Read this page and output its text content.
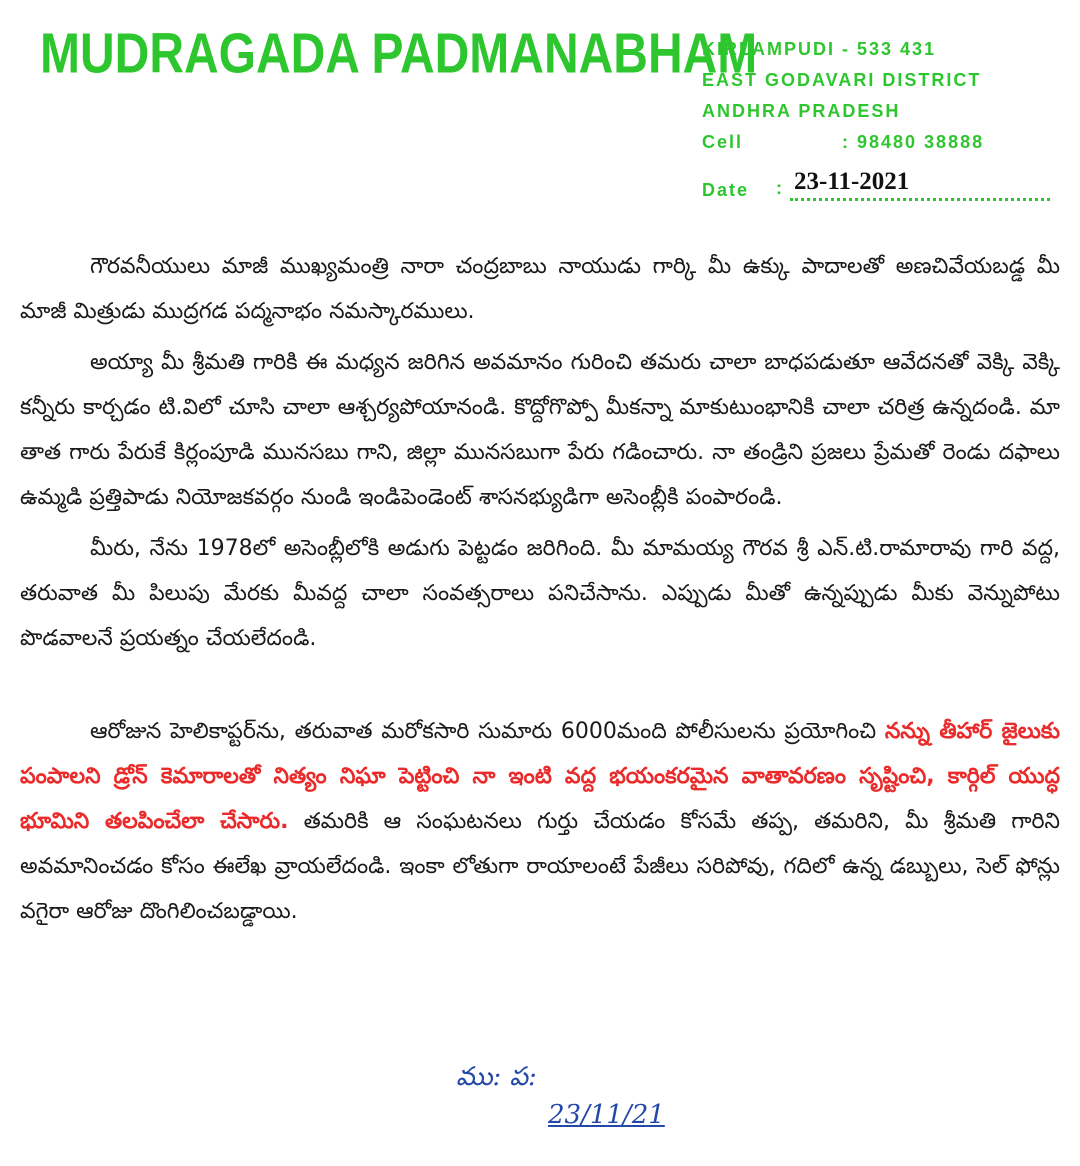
MUDRAGADA PADMANABHAM
KIRLAMPUDI - 533 431
EAST GODAVARI DISTRICT
ANDHRA PRADESH
Cell	: 98480 38888
Date : 23-11-2021

గౌరవనీయులు మాజీ ముఖ్యమంత్రి నారా చంద్రబాబు నాయుడు గార్కి మీ ఉక్కు పాదాలతో అణచివేయబడ్డ మీ మాజీ మిత్రుడు ముద్రగడ పద్మనాభం నమస్కారములు.

అయ్యా మీ శ్రీమతి గారికి ఈ మధ్యన జరిగిన అవమానం గురించి తమరు చాలా బాధపడుతూ ఆవేదనతో వెక్కి వెక్కి కన్నీరు కార్చడం టి.విలో చూసి చాలా ఆశ్చర్యపోయానండి. కొద్దోగొప్పో మీకన్నా మాకుటుంభానికి చాలా చరిత్ర ఉన్నదండి. మా తాత గారు పేరుకే కిర్లంపూడి మునసబు గాని, జిల్లా మునసబుగా పేరు గడించారు. నా తండ్రిని ప్రజలు ప్రేమతో రెండు దఫాలు ఉమ్మడి ప్రత్తిపాడు నియోజకవర్గం నుండి ఇండిపెండెంట్ శాసనభ్యుడిగా అసెంబ్లీకి పంపారండి.

మీరు, నేను 1978లో అసెంబ్లీలోకి అడుగు పెట్టడం జరిగింది. మీ మామయ్య గౌరవ శ్రీ ఎన్.టి.రామారావు గారి వద్ద, తరువాత మీ పిలుపు మేరకు మీవద్ద చాలా సంవత్సరాలు పనిచేసాను. ఎప్పుడు మీతో ఉన్నప్పుడు మీకు వెన్నుపోటు పొడవాలనే ప్రయత్నం చేయలేదండి.

ఆరోజున హెలికాప్టర్‌ను, తరువాత మరోకసారి సుమారు 6000మంది పోలీసులను ప్రయోగించి నన్ను తీహార్ జైలుకు పంపాలని డ్రోన్ కెమారాలతో నిత్యం నిఘా పెట్టించి నా ఇంటి వద్ద భయంకరమైన వాతావరణం సృష్టించి, కార్గిల్ యుద్ధ భూమిని తలపించేలా చేసారు. తమరికి ఆ సంఘటనలు గుర్తు చేయడం కోసమే తప్ప, తమరిని, మీ శ్రీమతి గారిని అవమానించడం కోసం ఈలేఖ వ్రాయలేదండి. ఇంకా లోతుగా రాయాలంటే పేజీలు సరిపోవు, గదిలో ఉన్న డబ్బులు, సెల్ ఫోన్లు వగైరా ఆరోజు దొంగిలించబడ్డాయి.

ము: ప:
23/11/21
